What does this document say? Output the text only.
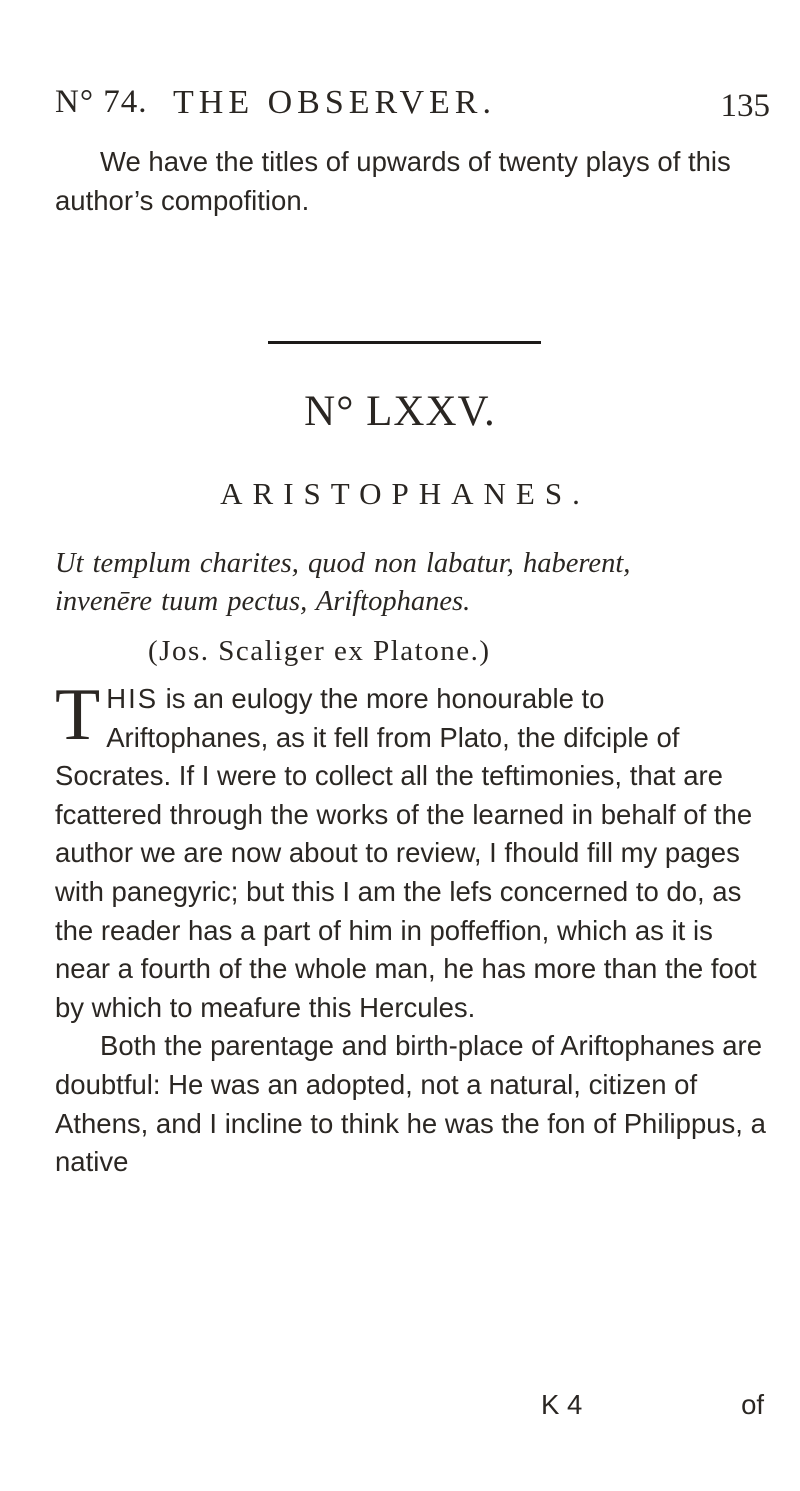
N° 74. THE OBSERVER.	135
We have the titles of upwards of twenty plays of this author’s compofition.
N° LXXV.
ARISTOPHANES.
Ut templum charites, quod non labatur, haberent,
invenēre tuum pectus, Ariftophanes.
(Jos. Scaliger ex Platone.)

THIS is an eulogy the more honourable to Ariftophanes, as it fell from Plato, the difciple of Socrates. If I were to collect all the teftimonies, that are fcattered through the works of the learned in behalf of the author we are now about to review, I fhould fill my pages with panegyric; but this I am the lefs concerned to do, as the reader has a part of him in poffeffion, which as it is near a fourth of the whole man, he has more than the foot by which to meafure this Hercules.

Both the parentage and birth-place of Ariftophanes are doubtful: He was an adopted, not a natural, citizen of Athens, and I incline to think he was the fon of Philippus, a native

K 4	of
